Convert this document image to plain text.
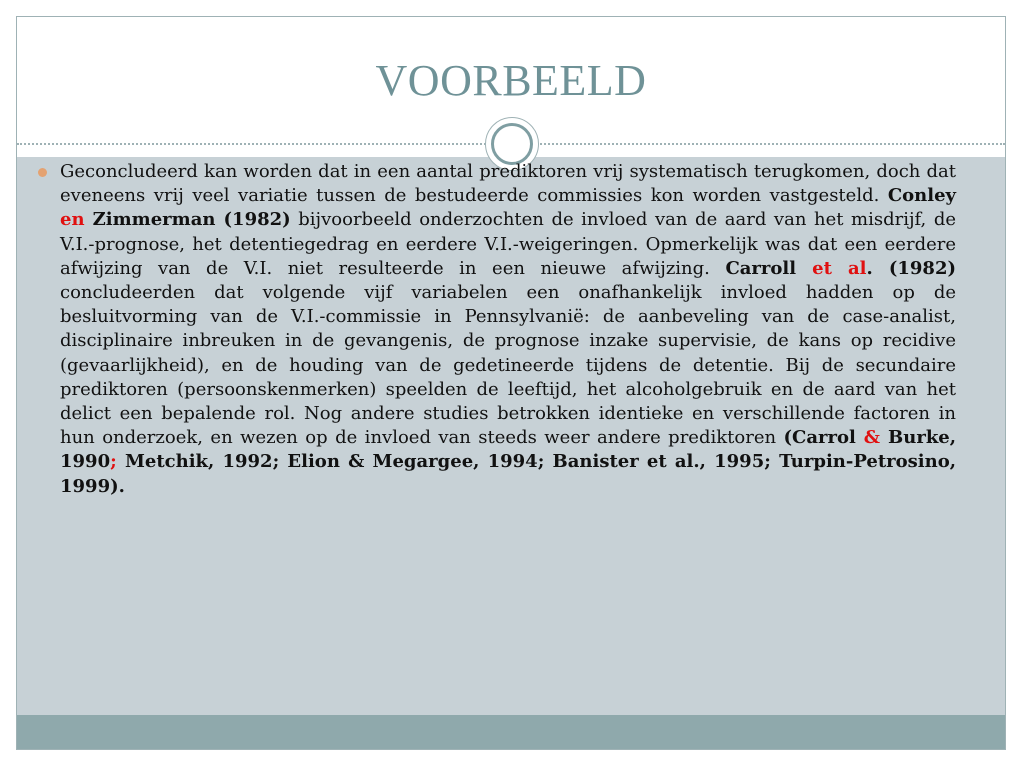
VOORBEELD

Geconcludeerd kan worden dat in een aantal prediktoren vrij systematisch terugkomen, doch dat eveneens vrij veel variatie tussen de bestudeerde commissies kon worden vastgesteld. Conley en Zimmerman (1982) bijvoorbeeld onderzochten de invloed van de aard van het misdrijf, de V.I.-prognose, het detentiegedrag en eerdere V.I.-weigeringen. Opmerkelijk was dat een eerdere afwijzing van de V.I. niet resulteerde in een nieuwe afwijzing. Carroll et al. (1982) concludeerden dat volgende vijf variabelen een onafhankelijk invloed hadden op de besluitvorming van de V.I.-commissie in Pennsylvanië: de aanbeveling van de case-analist, disciplinaire inbreuken in de gevangenis, de prognose inzake supervisie, de kans op recidive (gevaarlijkheid), en de houding van de gedetineerde tijdens de detentie. Bij de secundaire prediktoren (persoonskenmerken) speelden de leeftijd, het alcoholgebruik en de aard van het delict een bepalende rol. Nog andere studies betrokken identieke en verschillende factoren in hun onderzoek, en wezen op de invloed van steeds weer andere prediktoren (Carrol & Burke, 1990; Metchik, 1992; Elion & Megargee, 1994; Banister et al., 1995; Turpin-Petrosino, 1999).
